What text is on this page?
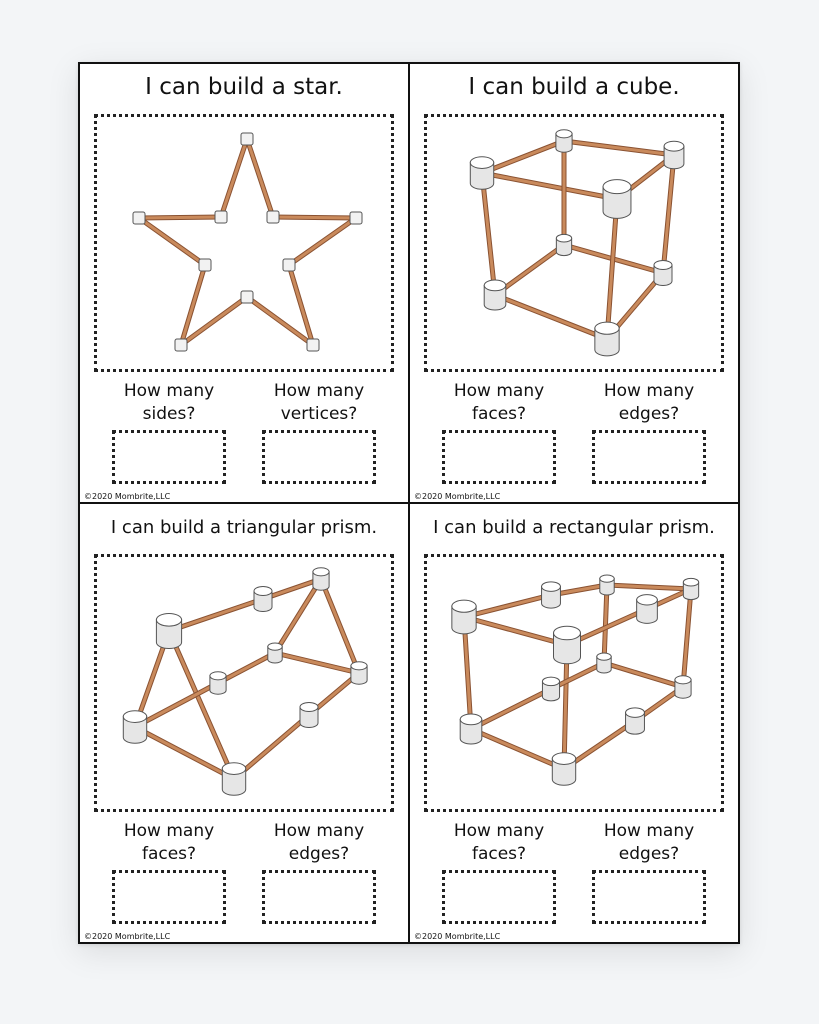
I can build a star.
How many
sides?
How many
vertices?
©2020 Mombrite,LLC
I can build a cube.
How many
faces?
How many
edges?
©2020 Mombrite,LLC
I can build a triangular prism.
How many
faces?
How many
edges?
©2020 Mombrite,LLC
I can build a rectangular prism.
How many
faces?
How many
edges?
©2020 Mombrite,LLC
